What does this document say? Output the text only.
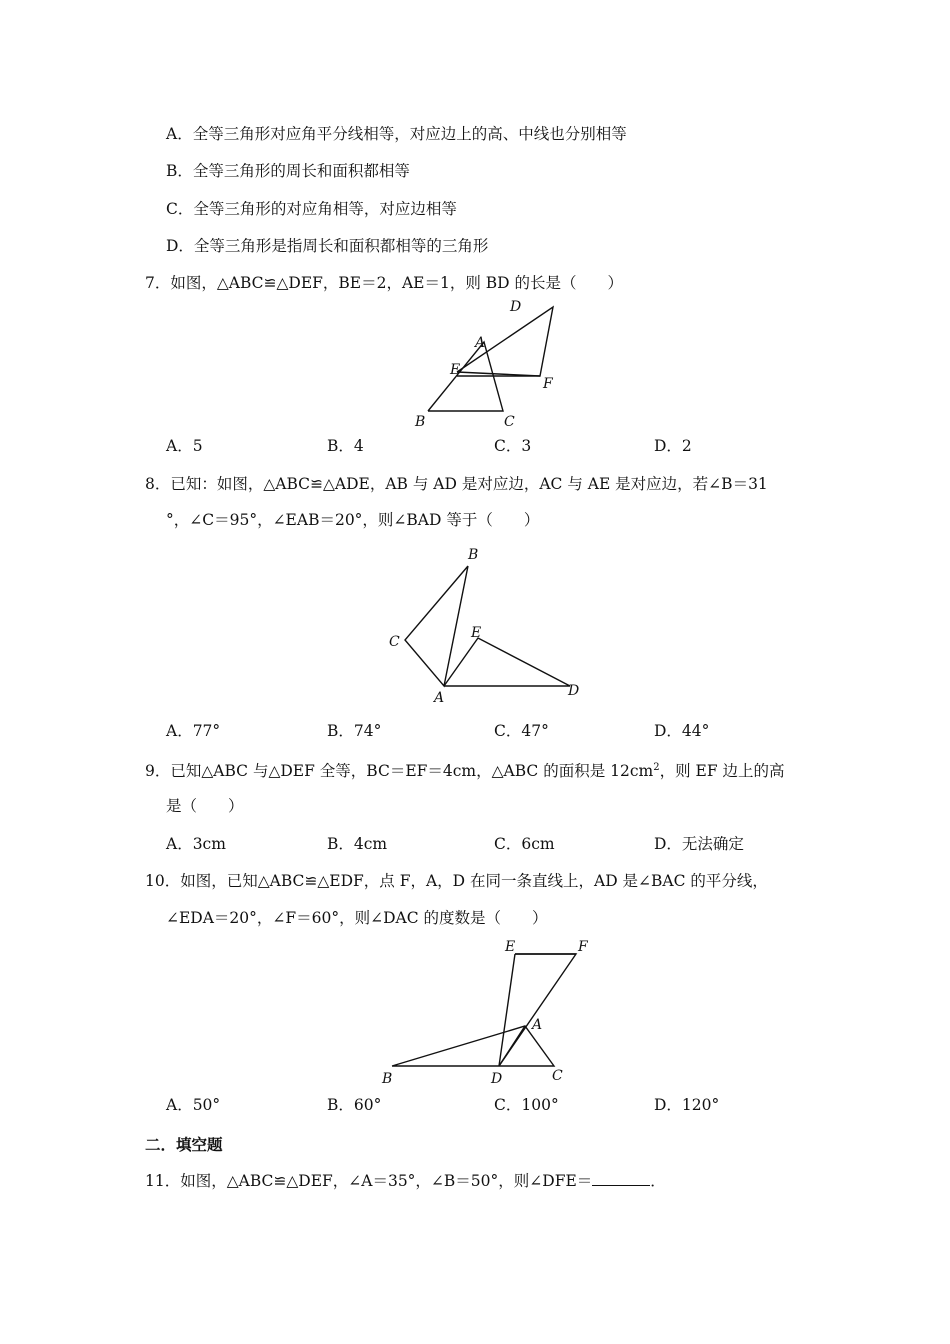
A．全等三角形对应角平分线相等，对应边上的高、中线也分别相等
B．全等三角形的周长和面积都相等
C．全等三角形的对应角相等，对应边相等
D．全等三角形是指周长和面积都相等的三角形
7．如图，△ABC≌△DEF，BE＝2，AE＝1，则 BD 的长是（　　）
D
A
E
F
B	C
A．5	B．4	C．3	D．2
8．已知：如图，△ABC≌△ADE，AB 与 AD 是对应边，AC 与 AE 是对应边，若∠B＝31
°，∠C＝95°，∠EAB＝20°，则∠BAD 等于（　　）
B
C
E
A	D
A．77°	B．74°	C．47°	D．44°
9．已知△ABC 与△DEF 全等，BC＝EF＝4cm，△ABC 的面积是 $12cm^2$，则 EF 边上的高
是（　　）
A．3cm	B．4cm	C．6cm	D．无法确定
10．如图，已知△ABC≌△EDF，点 F，A，D 在同一条直线上，AD 是∠BAC 的平分线，
∠EDA＝20°，∠F＝60°，则∠DAC 的度数是（　　）
E	F
A
B	D	C
A．50°	B．60°	C．100°	D．120°
二．填空题
11．如图，△ABC≌△DEF，∠A＝35°，∠B＝50°，则∠DFE＝	．
